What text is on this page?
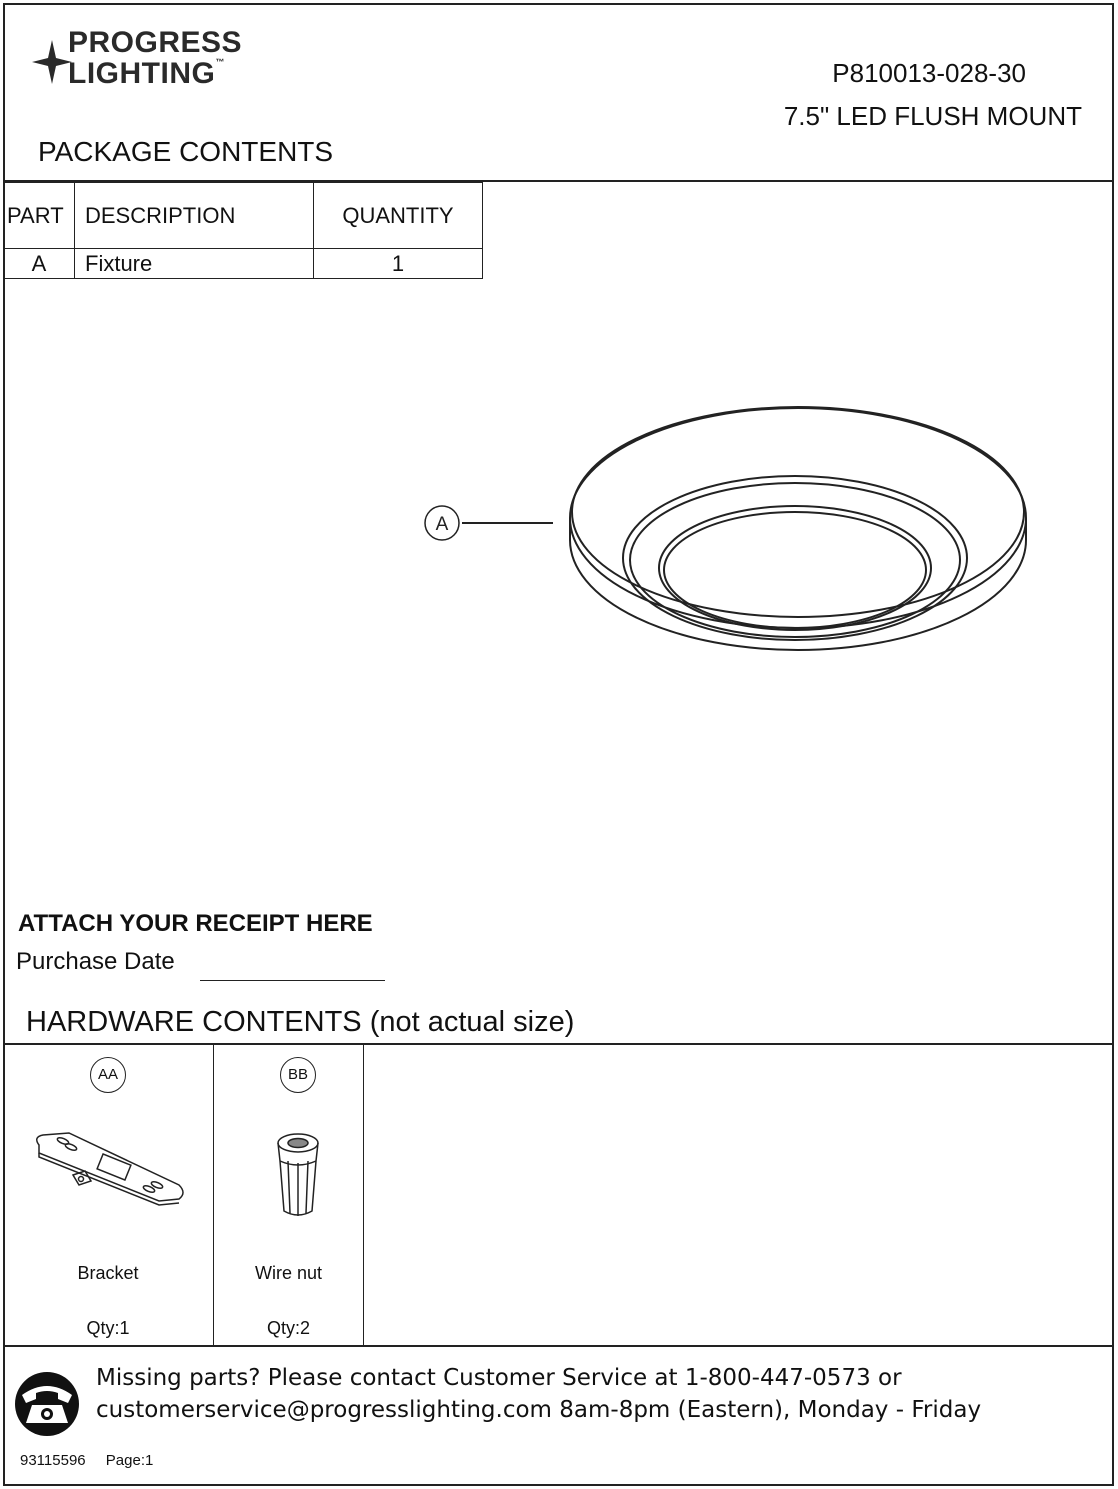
PROGRESS
LIGHTING™	P810013-028-30
7.5" LED FLUSH MOUNT
PACKAGE CONTENTS
PART	DESCRIPTION	QUANTITY
A	Fixture	1
A
ATTACH YOUR RECEIPT HERE
Purchase Date
HARDWARE CONTENTS (not actual size)
AA
Bracket
Qty:1
BB
Wire nut
Qty:2
Missing parts? Please contact Customer Service at 1-800-447-0573 or
customerservice@progresslighting.com 8am-8pm (Eastern), Monday - Friday
93115596 Page:1
